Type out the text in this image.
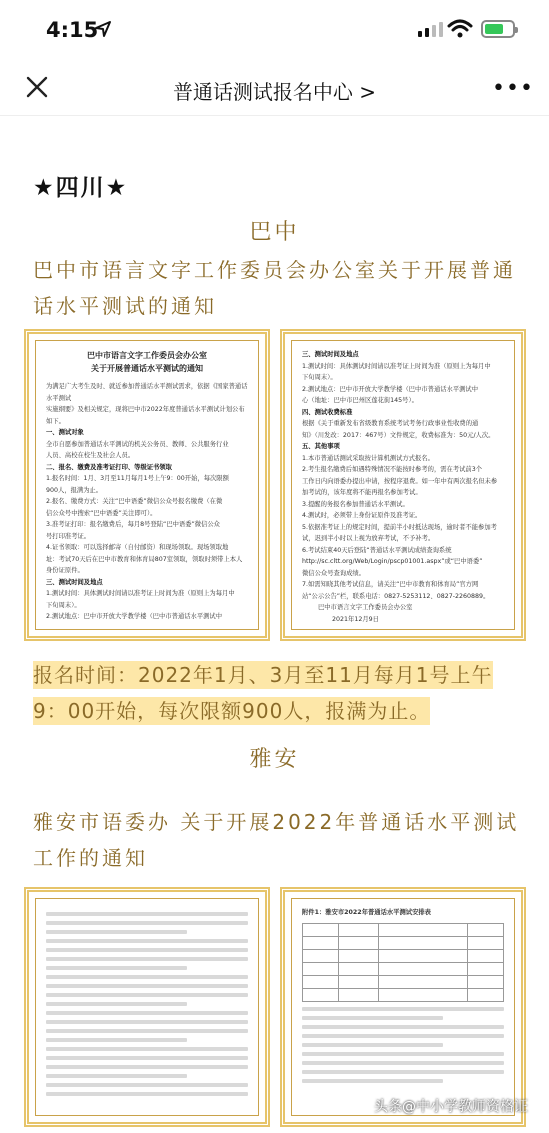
4:15
普通话测试报名中心 >	•••
★四川★
巴中
巴中市语言文字工作委员会办公室关于开展普通话水平测试的通知
巴中市语言文字工作委员会办公室
关于开展普通话水平测试的通知
为满足广大考生及时、就近参加普通话水平测试需求，依据《国家普通话水平测试
实施纲要》及相关规定，现将巴中市2022年度普通话水平测试计划公布如下。
一、测试对象
全市自愿参加普通话水平测试的机关公务员、教师、公共服务行业
人员、高校在校生及社会人员。
二、报名、缴费及准考证打印、等级证书领取
1.报名时间：1月、3月至11月每月1号上午9：00开始，每次限额
900人，报满为止。
2.报名、缴费方式：关注“巴中语委”微信公众号报名缴费（在微
信公众号中搜索“巴中语委”关注即可）。
3.准考证打印：报名缴费后，每月8号登陆“巴中语委”微信公众
号打印准考证。
4.证书领取：可以选择邮寄（自付邮资）和现场领取。现场领取地
址：考试70天后在巴中市教育和体育局807室领取，领取时须带上本人
身份证原件。
三、测试时间及地点
1.测试时间：具体测试时间请以准考证上时间为准（原则上为每月中
下旬周末）。
2.测试地点：巴中市开放大学教学楼（巴中市普通话水平测试中
三、测试时间及地点
1.测试时间：具体测试时间请以准考证上时间为准（原则上为每月中
下旬周末）。
2.测试地点：巴中市开放大学教学楼（巴中市普通话水平测试中
心（地址：巴中市巴州区莲花街145号）。
四、测试收费标准
根据《关于重新发布省级教育系统考试考务行政事业性收费的通
知》（川发改：2017：467号）文件规定，收费标准为：50元/人次。
五、其他事项
1.本市普通话测试采取按计算机测试方式报名。
2.考生报名缴费后如遇特殊情况不能按时参考的，需在考试前3个
工作日内向语委办提出申请，按程序退费。如一年中有两次报名但未参
加考试的，该年度将不能再报名参加考试。
3.提醒的务报名参加普通话水平测试。
4.测试时，必须带上身份证原件及准考证。
5.依据准考证上的规定时间，提前半小时抵达现场，逾时者不能参加考
试，迟到半小时以上视为放弃考试，不予补考。
6.考试结束40天后登陆“普通话水平测试成绩查询系统
http://sc.cltt.org/Web/Login/pscp01001.aspx”或“巴中语委”
微信公众号查询成绩。
7.如需知晓其他考试信息，请关注“巴中市教育和体育局”官方网
站“公示公告”栏，联系电话：0827-5253112、0827-2260889。
巴中市语言文字工作委员会办公室
2021年12月9日
报名时间：2022年1月、3月至11月每月1号上午9：00开始，每次限额900人，报满为止。
雅安
雅安市语委办 关于开展2022年普通话水平测试工作的通知
附件1：雅安市2022年普通话水平测试安排表

头条@中小学教师资格证
